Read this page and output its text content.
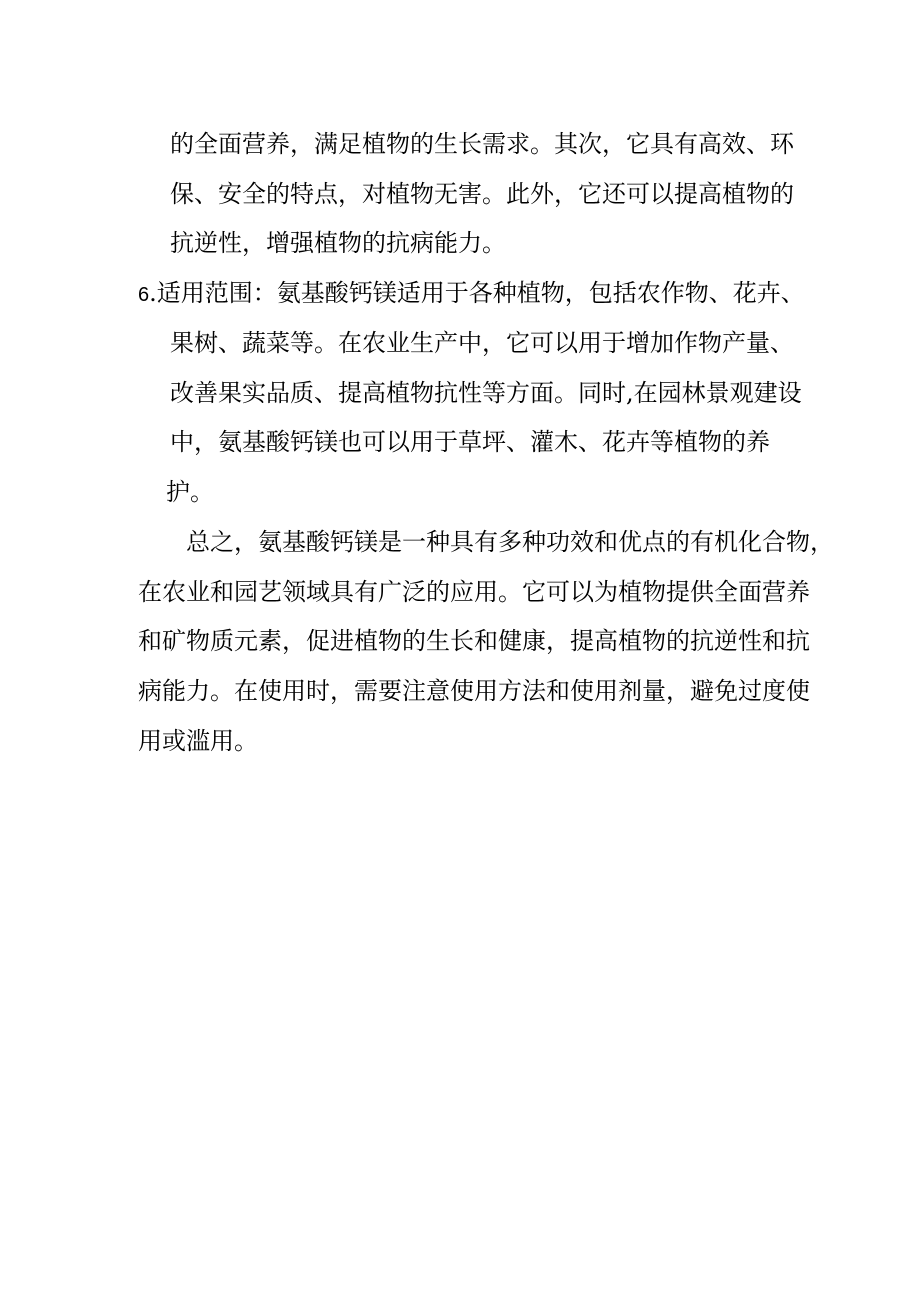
的全面营养，满足植物的生长需求。其次，它具有高效、环
保、安全的特点，对植物无害。此外，它还可以提高植物的
抗逆性，增强植物的抗病能力。
6.适用范围：氨基酸钙镁适用于各种植物，包括农作物、花卉、
果树、蔬菜等。在农业生产中，它可以用于增加作物产量、
改善果实品质、提高植物抗性等方面。同时,在园林景观建设
中，氨基酸钙镁也可以用于草坪、灌木、花卉等植物的养
护。
总之，氨基酸钙镁是一种具有多种功效和优点的有机化合物，
在农业和园艺领域具有广泛的应用。它可以为植物提供全面营养
和矿物质元素，促进植物的生长和健康，提高植物的抗逆性和抗
病能力。在使用时，需要注意使用方法和使用剂量，避免过度使
用或滥用。
